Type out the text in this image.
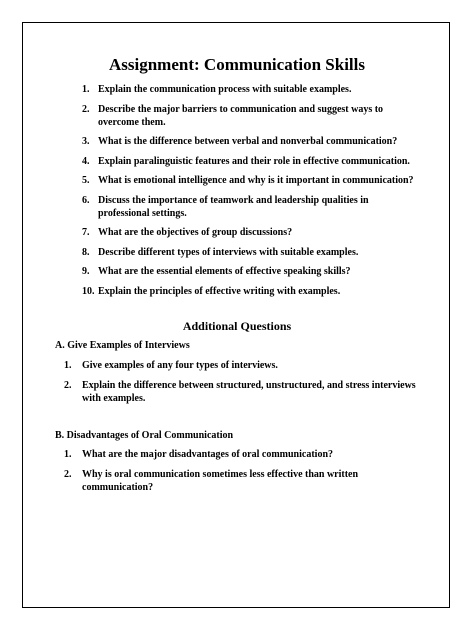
Assignment: Communication Skills
1. Explain the communication process with suitable examples.
2. Describe the major barriers to communication and suggest ways to overcome them.
3. What is the difference between verbal and nonverbal communication?
4. Explain paralinguistic features and their role in effective communication.
5. What is emotional intelligence and why is it important in communication?
6. Discuss the importance of teamwork and leadership qualities in professional settings.
7. What are the objectives of group discussions?
8. Describe different types of interviews with suitable examples.
9. What are the essential elements of effective speaking skills?
10. Explain the principles of effective writing with examples.
Additional Questions
A. Give Examples of Interviews
1. Give examples of any four types of interviews.
2. Explain the difference between structured, unstructured, and stress interviews with examples.
B. Disadvantages of Oral Communication
1. What are the major disadvantages of oral communication?
2. Why is oral communication sometimes less effective than written communication?
